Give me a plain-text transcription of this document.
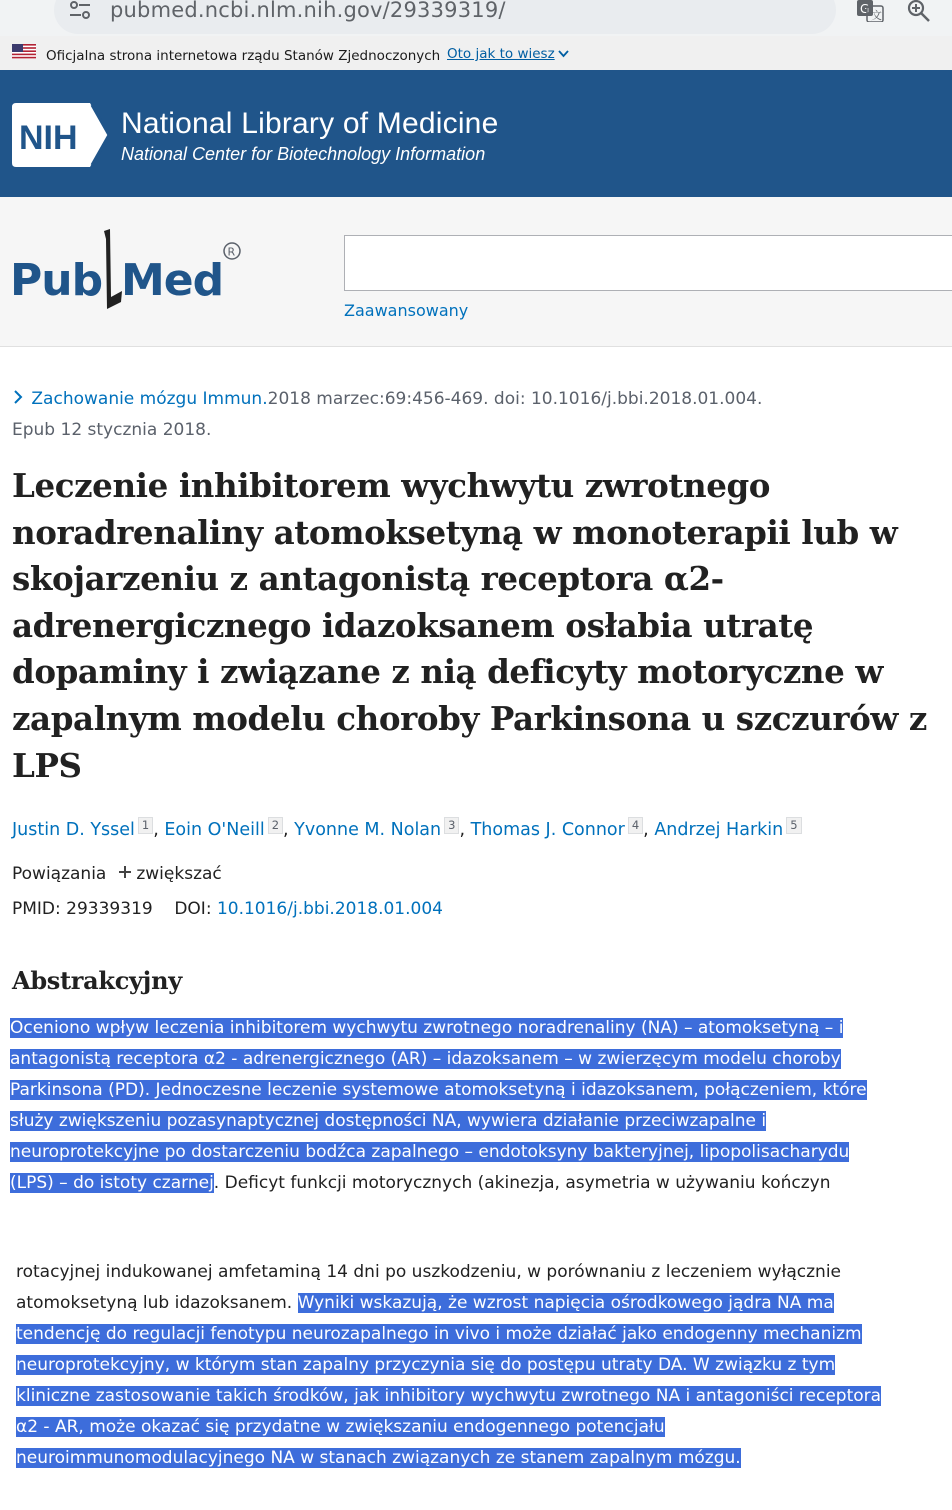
pubmed.ncbi.nlm.nih.gov/29339319/	G 文
Oficjalna strona internetowa rządu Stanów Zjednoczonych Oto jak to wiesz
NIH National Library of Medicine
National Center for Biotechnology Information
Pub Med
R
Zaawansowany
Zachowanie mózgu Immun.2018 marzec:69:456-469. doi: 10.1016/j.bbi.2018.01.004.
Epub 12 stycznia 2018.
Leczenie inhibitorem wychwytu zwrotnego noradrenaliny atomoksetyną w monoterapii lub w skojarzeniu z antagonistą receptora α2-adrenergicznego idazoksanem osłabia utratę dopaminy i związane z nią deficyty motoryczne w zapalnym modelu choroby Parkinsona u szczurów z LPS
Justin D. Yssel 1 , Eoin O'Neill 2 , Yvonne M. Nolan 3 , Thomas J. Connor 4 , Andrzej Harkin 5
Powiązania zwiększać
PMID: 29339319 DOI: 10.1016/j.bbi.2018.01.004
Abstrakcyjny
Oceniono wpływ leczenia inhibitorem wychwytu zwrotnego noradrenaliny (NA) – atomoksetyną – i
antagonistą receptora α2 ‐ adrenergicznego (AR) – idazoksanem – w zwierzęcym modelu choroby
Parkinsona (PD). Jednoczesne leczenie systemowe atomoksetyną i idazoksanem, połączeniem, które
służy zwiększeniu pozasynaptycznej dostępności NA, wywiera działanie przeciwzapalne i
neuroprotekcyjne po dostarczeniu bodźca zapalnego – endotoksyny bakteryjnej, lipopolisacharydu
(LPS) – do istoty czarnej. Deficyt funkcji motorycznych (akinezja, asymetria w używaniu kończyn
rotacyjnej indukowanej amfetaminą 14 dni po uszkodzeniu, w porównaniu z leczeniem wyłącznie
atomoksetyną lub idazoksanem. Wyniki wskazują, że wzrost napięcia ośrodkowego jądra NA ma
tendencję do regulacji fenotypu neurozapalnego in vivo i może działać jako endogenny mechanizm
neuroprotekcyjny, w którym stan zapalny przyczynia się do postępu utraty DA. W związku z tym
kliniczne zastosowanie takich środków, jak inhibitory wychwytu zwrotnego NA i antagoniści receptora
α2 ‐ AR, może okazać się przydatne w zwiększaniu endogennego potencjału
neuroimmunomodulacyjnego NA w stanach związanych ze stanem zapalnym mózgu.
